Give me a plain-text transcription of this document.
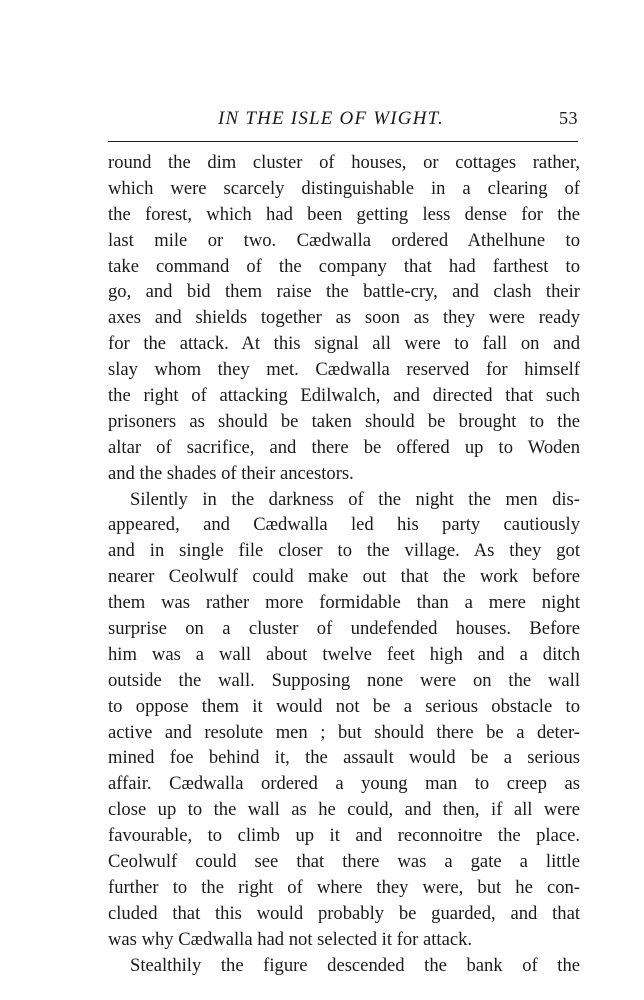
IN THE ISLE OF WIGHT.	53
round the dim cluster of houses, or cottages rather,
which were scarcely distinguishable in a clearing of
the forest, which had been getting less dense for the
last mile or two. Cædwalla ordered Athelhune to
take command of the company that had farthest to
go, and bid them raise the battle-cry, and clash their
axes and shields together as soon as they were ready
for the attack. At this signal all were to fall on and
slay whom they met. Cædwalla reserved for himself
the right of attacking Edilwalch, and directed that such
prisoners as should be taken should be brought to the
altar of sacrifice, and there be offered up to Woden
and the shades of their ancestors.
Silently in the darkness of the night the men dis-
appeared, and Cædwalla led his party cautiously
and in single file closer to the village. As they got
nearer Ceolwulf could make out that the work before
them was rather more formidable than a mere night
surprise on a cluster of undefended houses. Before
him was a wall about twelve feet high and a ditch
outside the wall. Supposing none were on the wall
to oppose them it would not be a serious obstacle to
active and resolute men ; but should there be a deter-
mined foe behind it, the assault would be a serious
affair. Cædwalla ordered a young man to creep as
close up to the wall as he could, and then, if all were
favourable, to climb up it and reconnoitre the place.
Ceolwulf could see that there was a gate a little
further to the right of where they were, but he con-
cluded that this would probably be guarded, and that
was why Cædwalla had not selected it for attack.
Stealthily the figure descended the bank of the
